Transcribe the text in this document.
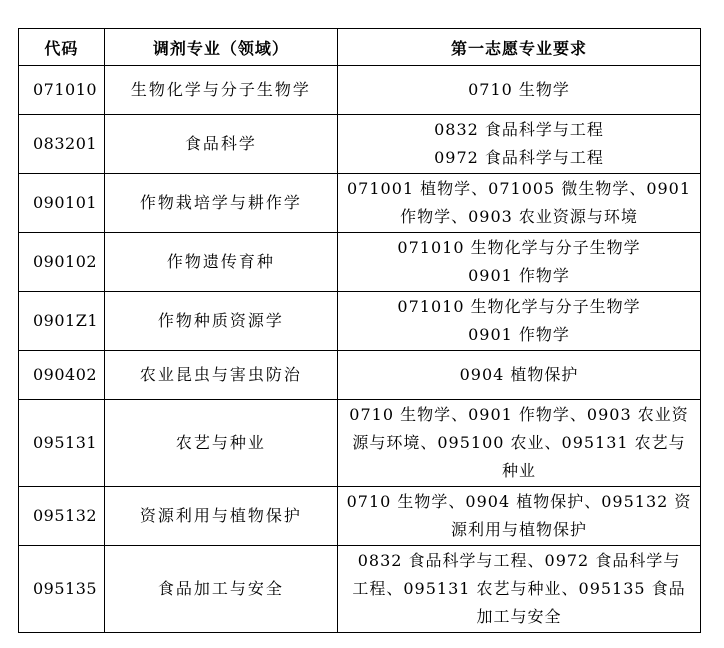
代码	调剂专业（领域）	第一志愿专业要求
071010	生物化学与分子生物学	0710 生物学

083201	食品科学	0832 食品科学与工程
0972 食品科学与工程

090101	作物栽培学与耕作学	071001 植物学、071005 微生物学、0901
作物学、0903 农业资源与环境

090102	作物遗传育种	071010 生物化学与分子生物学
0901 作物学

0901Z1	作物种质资源学	071010 生物化学与分子生物学
0901 作物学

090402	农业昆虫与害虫防治	0904 植物保护

095131	农艺与种业	0710 生物学、0901 作物学、0903 农业资
源与环境、095100 农业、095131 农艺与
种业

095132	资源利用与植物保护	0710 生物学、0904 植物保护、095132 资
源利用与植物保护

095135	食品加工与安全	0832 食品科学与工程、0972 食品科学与
工程、095131 农艺与种业、095135 食品
加工与安全
